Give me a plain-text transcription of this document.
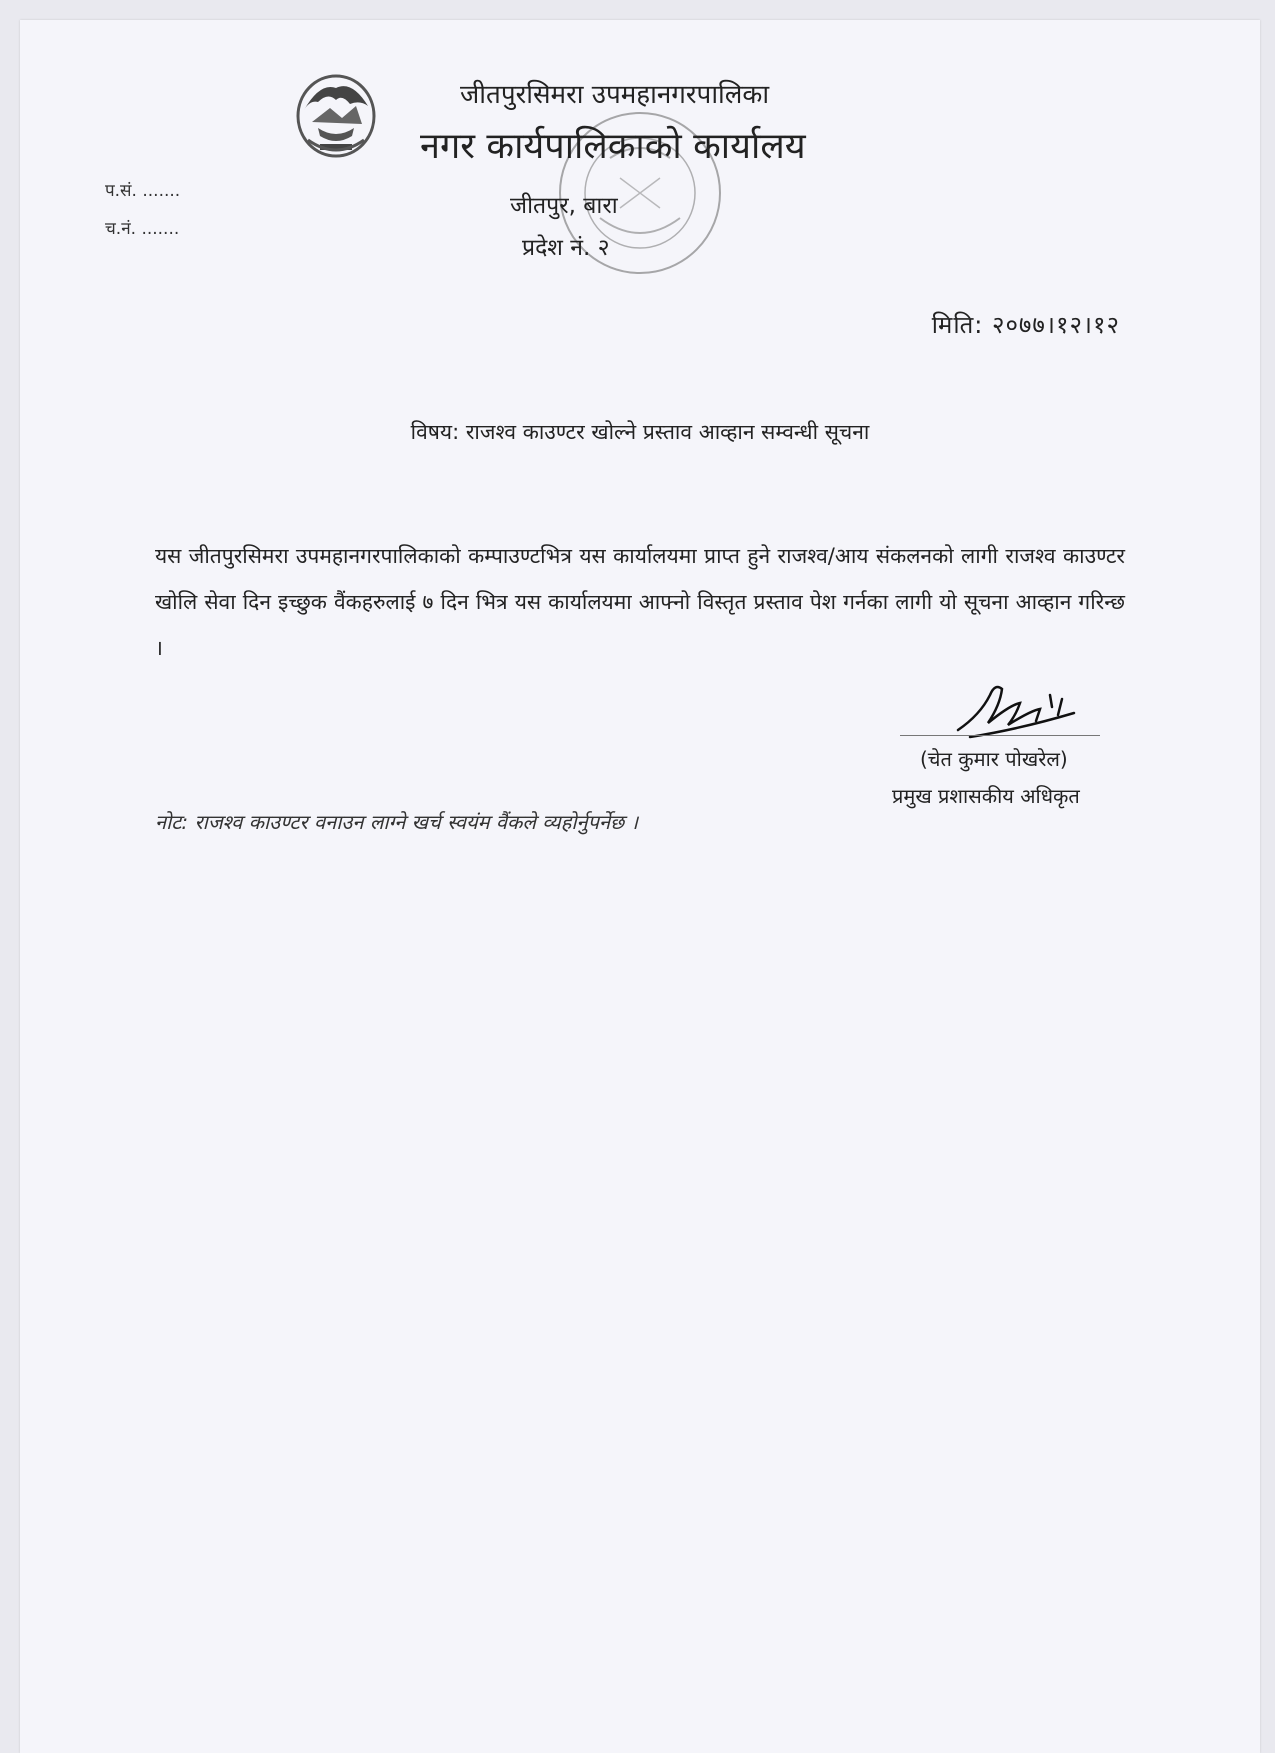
जीतपुरसिमरा उपमहानगरपालिका
नगर कार्यपालिकाको कार्यालय
प.सं. .......
च.नं. .......
जीतपुर, बारा
प्रदेश नं. २
मिति: २०७७।१२।१२
विषय: राजश्व काउण्टर खोल्ने प्रस्ताव आव्हान सम्वन्धी सूचना
यस जीतपुरसिमरा उपमहानगरपालिकाको कम्पाउण्टभित्र यस कार्यालयमा प्राप्त हुने राजश्व/आय संकलनको लागी राजश्व काउण्टर खोलि सेवा दिन इच्छुक वैंकहरुलाई ७ दिन भित्र यस कार्यालयमा आफ्नो विस्तृत प्रस्ताव पेश गर्नका लागी यो सूचना आव्हान गरिन्छ ।
(चेत कुमार पोखरेल)
प्रमुख प्रशासकीय अधिकृत
नोट: राजश्व काउण्टर वनाउन लाग्ने खर्च स्वयंम वैंकले व्यहोर्नुपर्नेछ ।
